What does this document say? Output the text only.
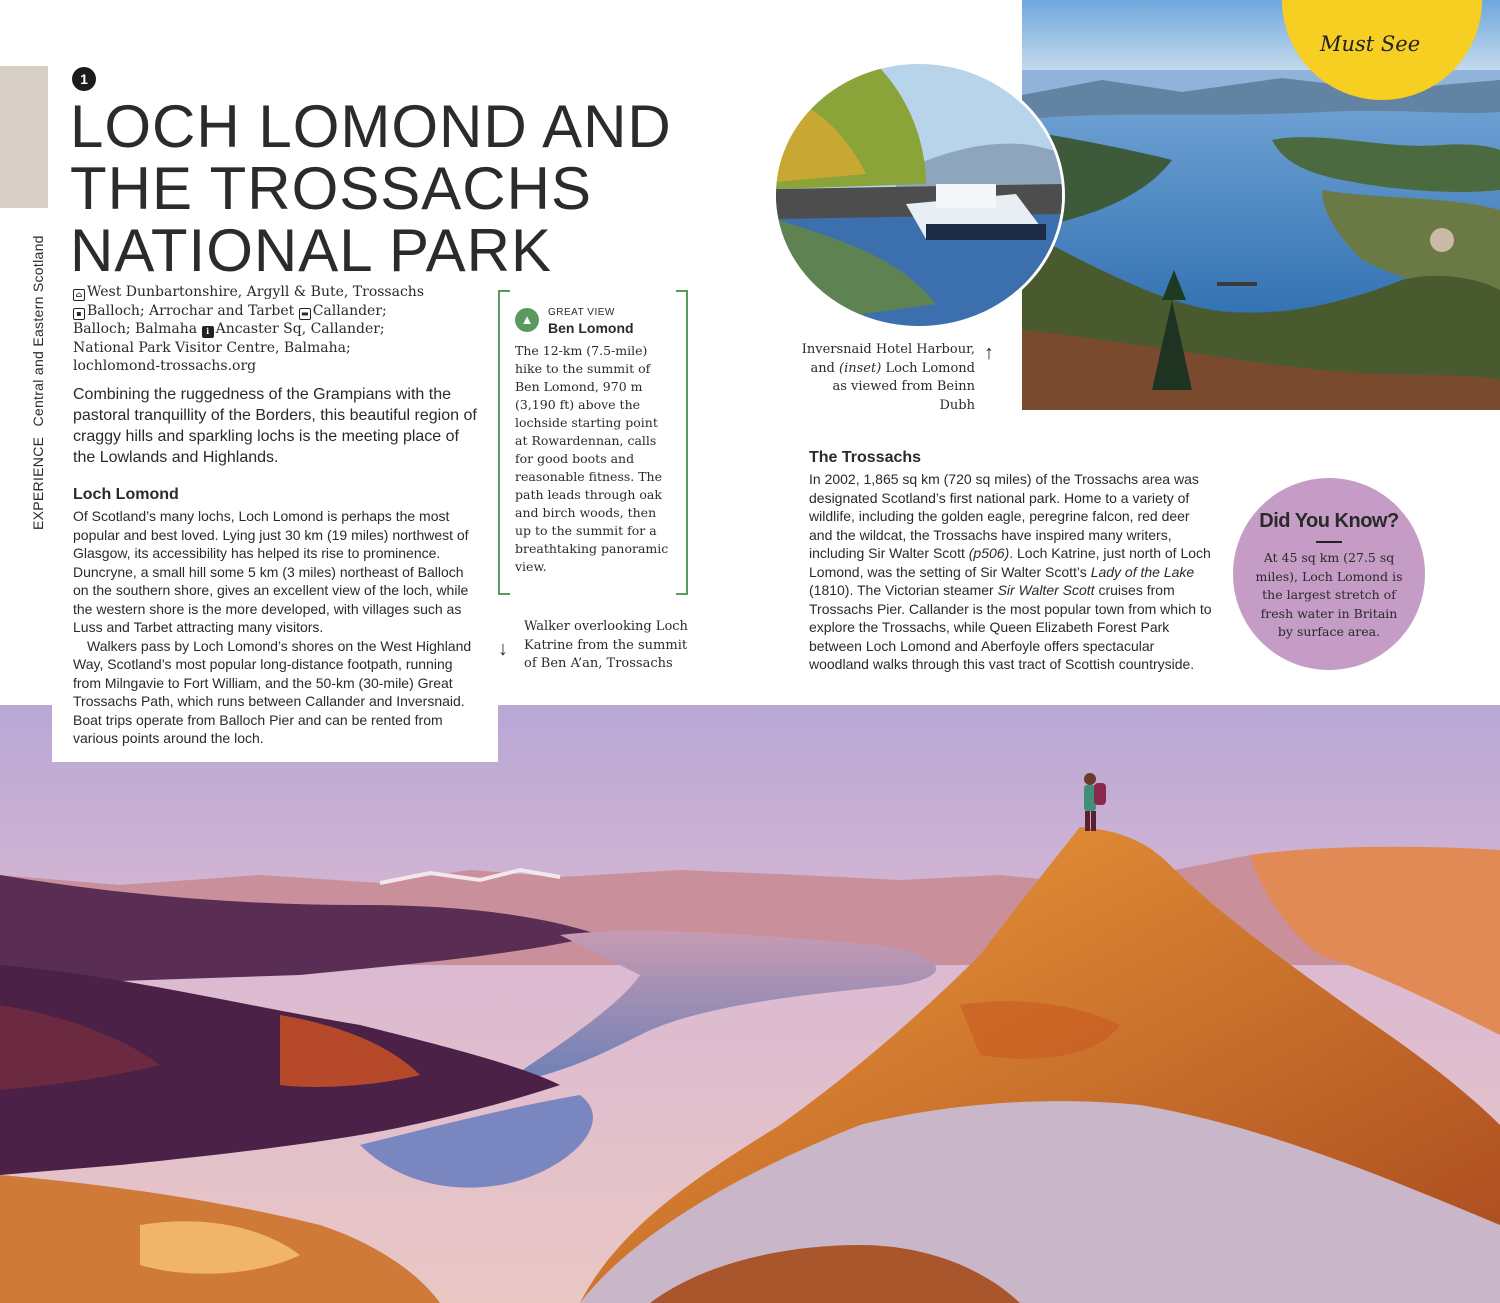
EXPERIENCE Central and Eastern Scotland
Must See
1
LOCH LOMOND AND
THE TROSSACHS
NATIONAL PARK
⌂ West Dunbartonshire, Argyll & Bute, Trossachs
▪ Balloch; Arrochar and Tarbet ▬ Callander;
Balloch; Balmaha i Ancaster Sq, Callander;
National Park Visitor Centre, Balmaha;
lochlomond-trossachs.org
Combining the ruggedness of the Grampians with the pastoral tranquillity of the Borders, this beautiful region of craggy hills and sparkling lochs is the meeting place of the Lowlands and Highlands.
Loch Lomond

Of Scotland’s many lochs, Loch Lomond is perhaps the most popular and best loved. Lying just 30 km (19 miles) northwest of Glasgow, its accessibility has helped its rise to prominence. Duncryne, a small hill some 5 km (3 miles) northeast of Balloch on the southern shore, gives an excellent view of the loch, while the western shore is the more developed, with villages such as Luss and Tarbet attracting many visitors.

Walkers pass by Loch Lomond’s shores on the West Highland Way, Scotland’s most popular long-distance footpath, running from Milngavie to Fort William, and the 50-km (30-mile) Great Trossachs Path, which runs between Callander and Inversnaid. Boat trips operate from Balloch Pier and can be rented from various points around the loch.

▲	GREAT VIEW
Ben Lomond
The 12-km (7.5-mile) hike to the summit of Ben Lomond, 970 m (3,190 ft) above the lochside starting point at Rowardennan, calls for good boots and reasonable fitness. The path leads through oak and birch woods, then up to the summit for a breathtaking panoramic view.
↓
Walker overlooking Loch Katrine from the summit of Ben A’an, Trossachs
Inversnaid Hotel Harbour, and (inset) Loch Lomond as viewed from Beinn Dubh
↑
The Trossachs
In 2002, 1,865 sq km (720 sq miles) of the Trossachs area was designated Scotland’s first national park. Home to a variety of wildlife, including the golden eagle, peregrine falcon, red deer and the wildcat, the Trossachs have inspired many writers, including Sir Walter Scott (p506). Loch Katrine, just north of Loch Lomond, was the setting of Sir Walter Scott’s Lady of the Lake (1810). The Victorian steamer Sir Walter Scott cruises from Trossachs Pier. Callander is the most popular town from which to explore the Trossachs, while Queen Elizabeth Forest Park between Loch Lomond and Aberfoyle offers spectacular woodland walks through this vast tract of Scottish countryside.
Did You Know?
At 45 sq km (27.5 sq miles), Loch Lomond is the largest stretch of fresh water in Britain by surface area.
